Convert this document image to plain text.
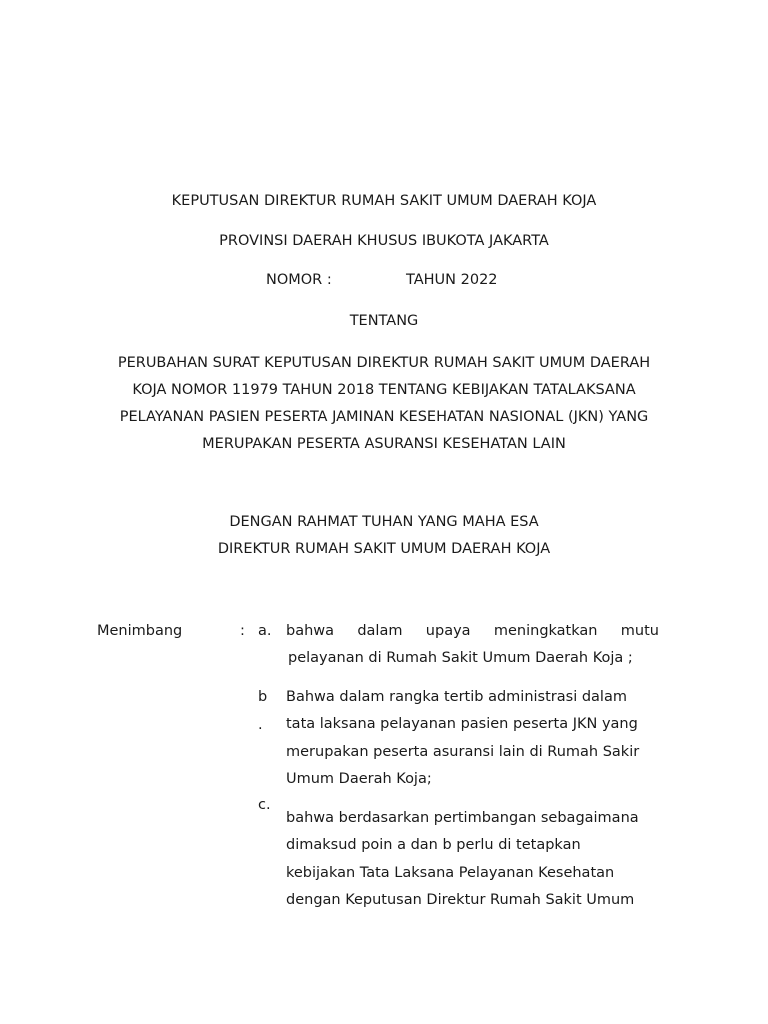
KEPUTUSAN DIREKTUR RUMAH SAKIT UMUM DAERAH KOJA
PROVINSI DAERAH KHUSUS IBUKOTA JAKARTA
NOMOR :	TAHUN 2022
TENTANG
PERUBAHAN SURAT KEPUTUSAN DIREKTUR RUMAH SAKIT UMUM DAERAH
KOJA NOMOR 11979 TAHUN 2018 TENTANG KEBIJAKAN TATALAKSANA
PELAYANAN PASIEN PESERTA JAMINAN KESEHATAN NASIONAL (JKN) YANG
MERUPAKAN PESERTA ASURANSI KESEHATAN LAIN
DENGAN RAHMAT TUHAN YANG MAHA ESA
DIREKTUR RUMAH SAKIT UMUM DAERAH KOJA
Menimbang	: a. bahwa dalam upaya meningkatkan mutu
pelayanan di Rumah Sakit Umum Daerah Koja ;
b
.
Bahwa dalam rangka tertib administrasi dalam
tata laksana pelayanan pasien peserta JKN yang
merupakan peserta asuransi lain di Rumah Sakir
Umum Daerah Koja;
c.
bahwa berdasarkan pertimbangan sebagaimana
dimaksud poin a dan b perlu di tetapkan
kebijakan Tata Laksana Pelayanan Kesehatan
dengan Keputusan Direktur Rumah Sakit Umum
